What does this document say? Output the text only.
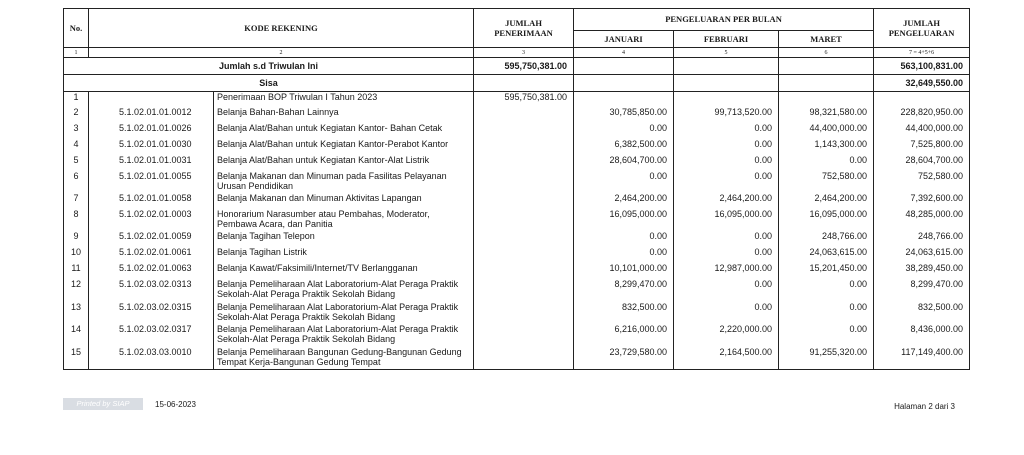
No.	KODE REKENING		JUMLAH PENERIMAAN	PENGELUARAN PER BULAN			JUMLAH PENGELUARAN
				JANUARI	FEBRUARI	MARET	
1	2		3	4	5	6	7 = 4+5+6
Jumlah s.d Triwulan Ini			595,750,381.00				563,100,831.00
Sisa							32,649,550.00
1		Penerimaan BOP Triwulan I Tahun 2023	595,750,381.00				
2	5.1.02.01.01.0012	Belanja Bahan-Bahan Lainnya		30,785,850.00	99,713,520.00	98,321,580.00	228,820,950.00
3	5.1.02.01.01.0026	Belanja Alat/Bahan untuk Kegiatan Kantor- Bahan Cetak		0.00	0.00	44,400,000.00	44,400,000.00
4	5.1.02.01.01.0030	Belanja Alat/Bahan untuk Kegiatan Kantor-Perabot Kantor		6,382,500.00	0.00	1,143,300.00	7,525,800.00
5	5.1.02.01.01.0031	Belanja Alat/Bahan untuk Kegiatan Kantor-Alat Listrik		28,604,700.00	0.00	0.00	28,604,700.00
6	5.1.02.01.01.0055	Belanja Makanan dan Minuman pada Fasilitas Pelayanan Urusan Pendidikan		0.00	0.00	752,580.00	752,580.00
7	5.1.02.01.01.0058	Belanja Makanan dan Minuman Aktivitas Lapangan		2,464,200.00	2,464,200.00	2,464,200.00	7,392,600.00
8	5.1.02.02.01.0003	Honorarium Narasumber atau Pembahas, Moderator, Pembawa Acara, dan Panitia		16,095,000.00	16,095,000.00	16,095,000.00	48,285,000.00
9	5.1.02.02.01.0059	Belanja Tagihan Telepon		0.00	0.00	248,766.00	248,766.00
10	5.1.02.02.01.0061	Belanja Tagihan Listrik		0.00	0.00	24,063,615.00	24,063,615.00
11	5.1.02.02.01.0063	Belanja Kawat/Faksimili/Internet/TV Berlangganan		10,101,000.00	12,987,000.00	15,201,450.00	38,289,450.00
12	5.1.02.03.02.0313	Belanja Pemeliharaan Alat Laboratorium-Alat Peraga Praktik Sekolah-Alat Peraga Praktik Sekolah Bidang		8,299,470.00	0.00	0.00	8,299,470.00
13	5.1.02.03.02.0315	Belanja Pemeliharaan Alat Laboratorium-Alat Peraga Praktik Sekolah-Alat Peraga Praktik Sekolah Bidang		832,500.00	0.00	0.00	832,500.00
14	5.1.02.03.02.0317	Belanja Pemeliharaan Alat Laboratorium-Alat Peraga Praktik Sekolah-Alat Peraga Praktik Sekolah Bidang		6,216,000.00	2,220,000.00	0.00	8,436,000.00
15	5.1.02.03.03.0010	Belanja Pemeliharaan Bangunan Gedung-Bangunan Gedung Tempat Kerja-Bangunan Gedung Tempat		23,729,580.00	2,164,500.00	91,255,320.00	117,149,400.00
Printed by SIAP	15-06-2023	Halaman 2 dari 3
